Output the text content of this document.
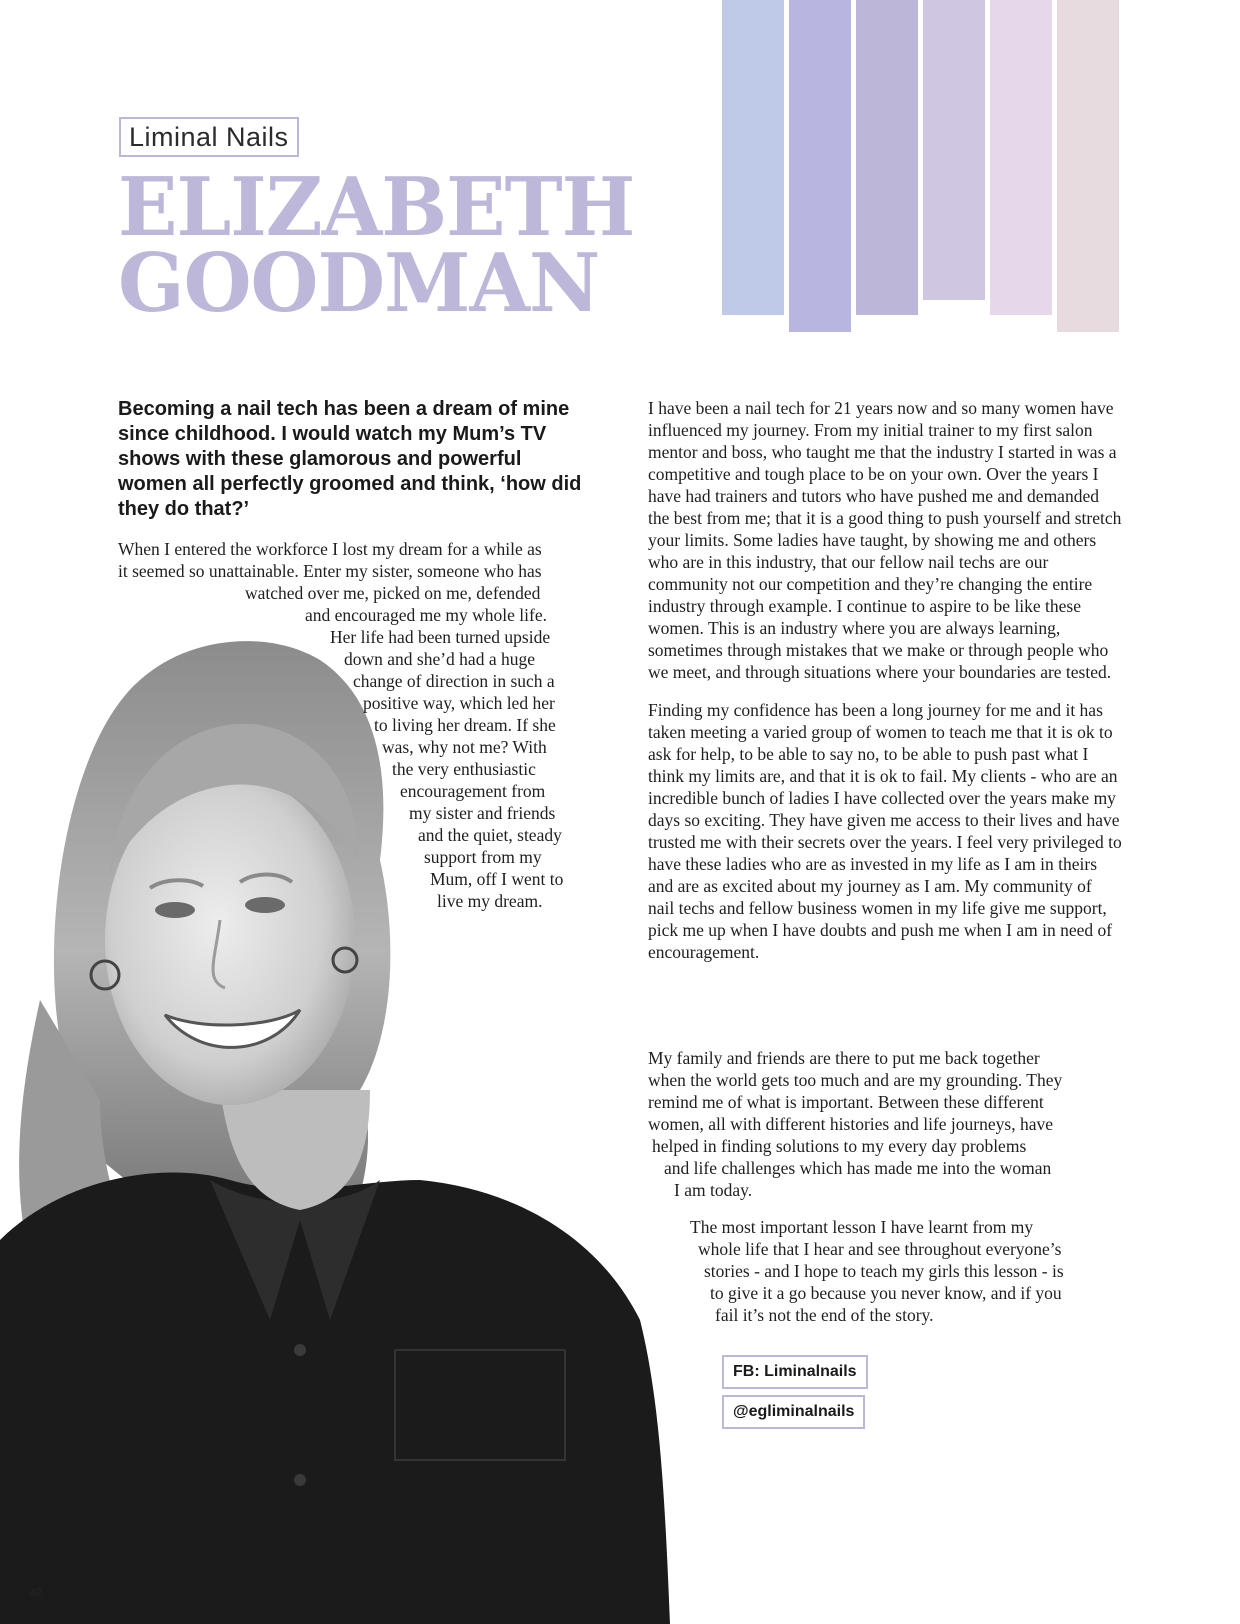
Liminal Nails
ELIZABETH
GOODMAN

Becoming a nail tech has been a dream of mine since childhood. I would watch my Mum’s TV shows with these glamorous and powerful women all perfectly groomed and think, ‘how did they do that?’

When I entered the workforce I lost my dream for a while as

it seemed so unattainable. Enter my sister, someone who has

watched over me, picked on me, defended

and encouraged me my whole life.

Her life had been turned upside

down and she’d had a huge

change of direction in such a

positive way, which led her

to living her dream. If she

was, why not me? With

the very enthusiastic

encouragement from

my sister and friends

and the quiet, steady

support from my

Mum, off I went to

live my dream.

I have been a nail tech for 21 years now and so many women have influenced my journey. From my initial trainer to my first salon mentor and boss, who taught me that the industry I started in was a competitive and tough place to be on your own. Over the years I have had trainers and tutors who have pushed me and demanded the best from me; that it is a good thing to push yourself and stretch your limits. Some ladies have taught, by showing me and others who are in this industry, that our fellow nail techs are our community not our competition and they’re changing the entire industry through example. I continue to aspire to be like these women. This is an industry where you are always learning, sometimes through mistakes that we make or through people who we meet, and through situations where your boundaries are tested.

Finding my confidence has been a long journey for me and it has taken meeting a varied group of women to teach me that it is ok to ask for help, to be able to say no, to be able to push past what I think my limits are, and that it is ok to fail. My clients - who are an incredible bunch of ladies I have collected over the years make my days so exciting. They have given me access to their lives and have trusted me with their secrets over the years. I feel very privileged to have these ladies who are as invested in my life as I am in theirs and are as excited about my journey as I am. My community of nail techs and fellow business women in my life give me support, pick me up when I have doubts and push me when I am in need of encouragement.

My family and friends are there to put me back together

when the world gets too much and are my grounding. They

remind me of what is important. Between these different

women, all with different histories and life journeys, have

helped in finding solutions to my every day problems

and life challenges which has made me into the woman

I am today.

The most important lesson I have learnt from my

whole life that I hear and see throughout everyone’s

stories - and I hope to teach my girls this lesson - is

to give it a go because you never know, and if you

fail it’s not the end of the story.

FB: Liminalnails
@egliminalnails
42
